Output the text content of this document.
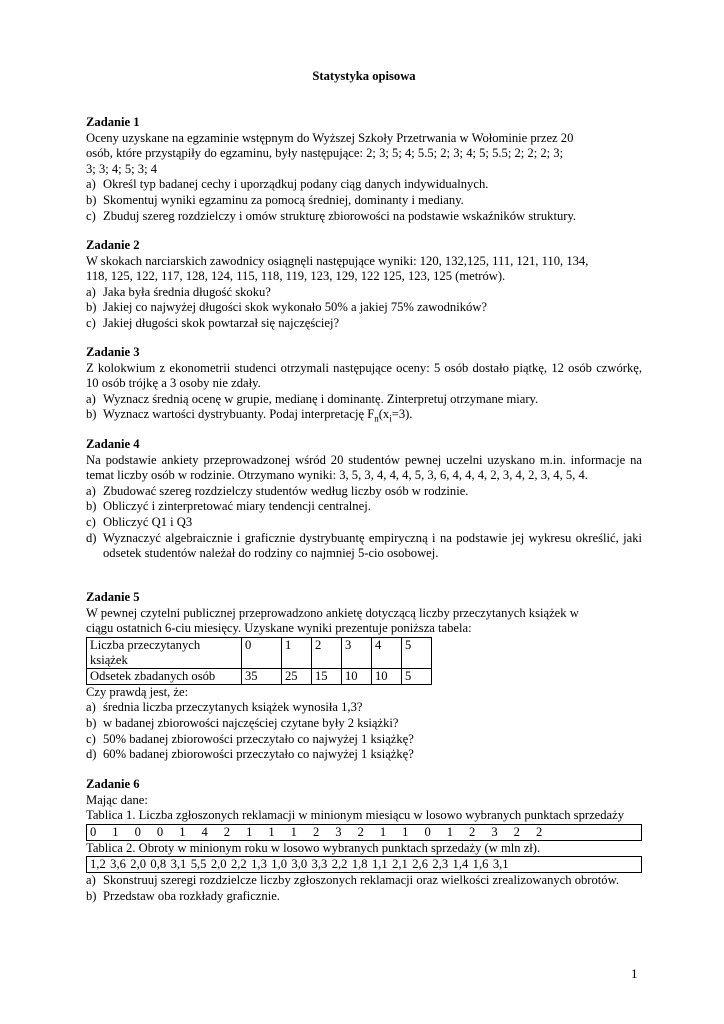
Statystyka opisowa

Zadanie 1

Oceny uzyskane na egzaminie wstępnym do Wyższej Szkoły Przetrwania w Wołominie przez 20

osób, które przystąpiły do egzaminu, były następujące: 2; 3; 5; 4; 5.5; 2; 3; 4; 5; 5.5; 2; 2; 2; 3;

3; 3; 4; 5; 3; 4

a) Określ typ badanej cechy i uporządkuj podany ciąg danych indywidualnych.
b) Skomentuj wyniki egzaminu za pomocą średniej, dominanty i mediany.
c) Zbuduj szereg rozdzielczy i omów strukturę zbiorowości na podstawie wskaźników struktury.

Zadanie 2

W skokach narciarskich zawodnicy osiągnęli następujące wyniki: 120, 132,125, 111, 121, 110, 134,

118, 125, 122, 117, 128, 124, 115, 118, 119, 123, 129, 122 125, 123, 125 (metrów).

a) Jaka była średnia długość skoku?
b) Jakiej co najwyżej długości skok wykonało 50% a jakiej 75% zawodników?
c) Jakiej długości skok powtarzał się najczęściej?

Zadanie 3

Z kolokwium z ekonometrii studenci otrzymali następujące oceny: 5 osób dostało piątkę, 12 osób czwórkę, 10 osób trójkę a 3 osoby nie zdały.

a) Wyznacz średnią ocenę w grupie, medianę i dominantę. Zinterpretuj otrzymane miary.
b) Wyznacz wartości dystrybuanty. Podaj interpretację $F_n(x_i=3)$.

Zadanie 4

Na podstawie ankiety przeprowadzonej wśród 20 studentów pewnej uczelni uzyskano m.in. informacje na temat liczby osób w rodzinie. Otrzymano wyniki: 3, 5, 3, 4, 4, 4, 5, 3, 6, 4, 4, 4, 2, 3, 4, 2, 3, 4, 5, 4.

a) Zbudować szereg rozdzielczy studentów według liczby osób w rodzinie.
b) Obliczyć i zinterpretować miary tendencji centralnej.
c) Obliczyć Q1 i Q3
d) Wyznaczyć algebraicznie i graficznie dystrybuantę empiryczną i na podstawie jej wykresu określić, jaki odsetek studentów należał do rodziny co najmniej 5-cio osobowej.

Zadanie 5

W pewnej czytelni publicznej przeprowadzono ankietę dotyczącą liczby przeczytanych książek w

ciągu ostatnich 6-ciu miesięcy. Uzyskane wyniki prezentuje poniższa tabela:

Liczba przeczytanych
książek	0	1	2	3	4	5
Odsetek zbadanych osób	35	25	15	10	10	5

Czy prawdą jest, że:

a) średnia liczba przeczytanych książek wynosiła 1,3?
b) w badanej zbiorowości najczęściej czytane były 2 książki?
c) 50% badanej zbiorowości przeczytało co najwyżej 1 książkę?
d) 60% badanej zbiorowości przeczytało co najwyżej 1 książkę?

Zadanie 6

Mając dane:

Tablica 1. Liczba zgłoszonych reklamacji w minionym miesiącu w losowo wybranych punktach sprzedaży

0 1 0 0 1 4 2 1 1 1 2 3 2 1 1 0 1 2 3 2 2

Tablica 2. Obroty w minionym roku w losowo wybranych punktach sprzedaży (w mln zł).

1,2 3,6 2,0 0,8 3,1 5,5 2,0 2,2 1,3 1,0 3,0 3,3 2,2 1,8 1,1 2,1 2,6 2,3 1,4 1,6 3,1
a) Skonstruuj szeregi rozdzielcze liczby zgłoszonych reklamacji oraz wielkości zrealizowanych obrotów.
b) Przedstaw oba rozkłady graficznie.
1
